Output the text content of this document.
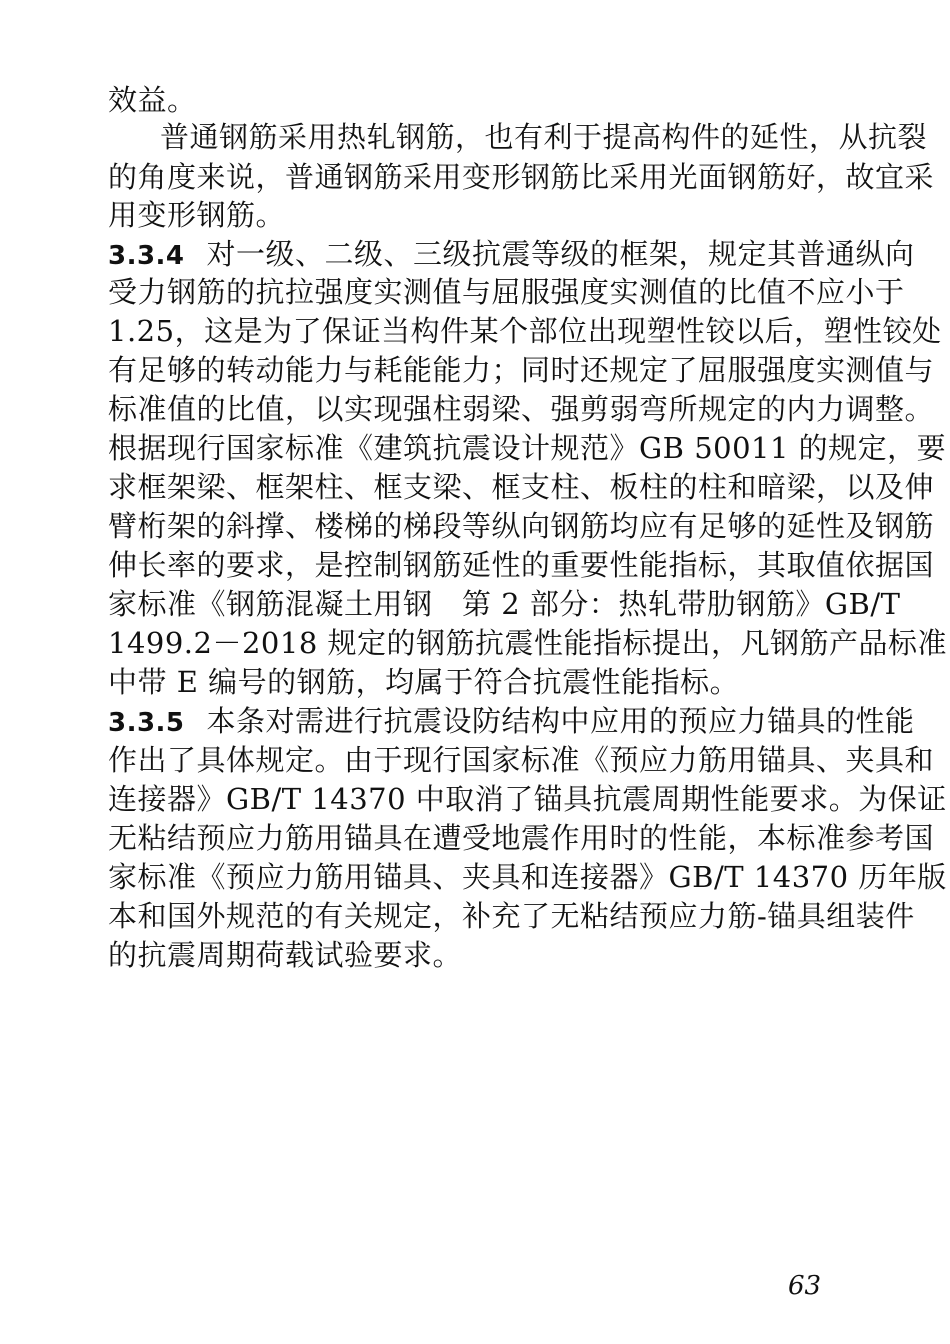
效益。
普通钢筋采用热轧钢筋，也有利于提高构件的延性，从抗裂
的角度来说，普通钢筋采用变形钢筋比采用光面钢筋好，故宜采
用变形钢筋。
3.3.4 对一级、二级、三级抗震等级的框架，规定其普通纵向
受力钢筋的抗拉强度实测值与屈服强度实测值的比值不应小于
1.25，这是为了保证当构件某个部位出现塑性铰以后，塑性铰处
有足够的转动能力与耗能能力；同时还规定了屈服强度实测值与
标准值的比值，以实现强柱弱梁、强剪弱弯所规定的内力调整。
根据现行国家标准《建筑抗震设计规范》GB 50011 的规定，要
求框架梁、框架柱、框支梁、框支柱、板柱的柱和暗梁，以及伸
臂桁架的斜撑、楼梯的梯段等纵向钢筋均应有足够的延性及钢筋
伸长率的要求，是控制钢筋延性的重要性能指标，其取值依据国
家标准《钢筋混凝土用钢　第 2 部分：热轧带肋钢筋》GB/T
1499.2－2018 规定的钢筋抗震性能指标提出，凡钢筋产品标准
中带 E 编号的钢筋，均属于符合抗震性能指标。
3.3.5 本条对需进行抗震设防结构中应用的预应力锚具的性能
作出了具体规定。由于现行国家标准《预应力筋用锚具、夹具和
连接器》GB/T 14370 中取消了锚具抗震周期性能要求。为保证
无粘结预应力筋用锚具在遭受地震作用时的性能，本标准参考国
家标准《预应力筋用锚具、夹具和连接器》GB/T 14370 历年版
本和国外规范的有关规定，补充了无粘结预应力筋-锚具组装件
的抗震周期荷载试验要求。
63
